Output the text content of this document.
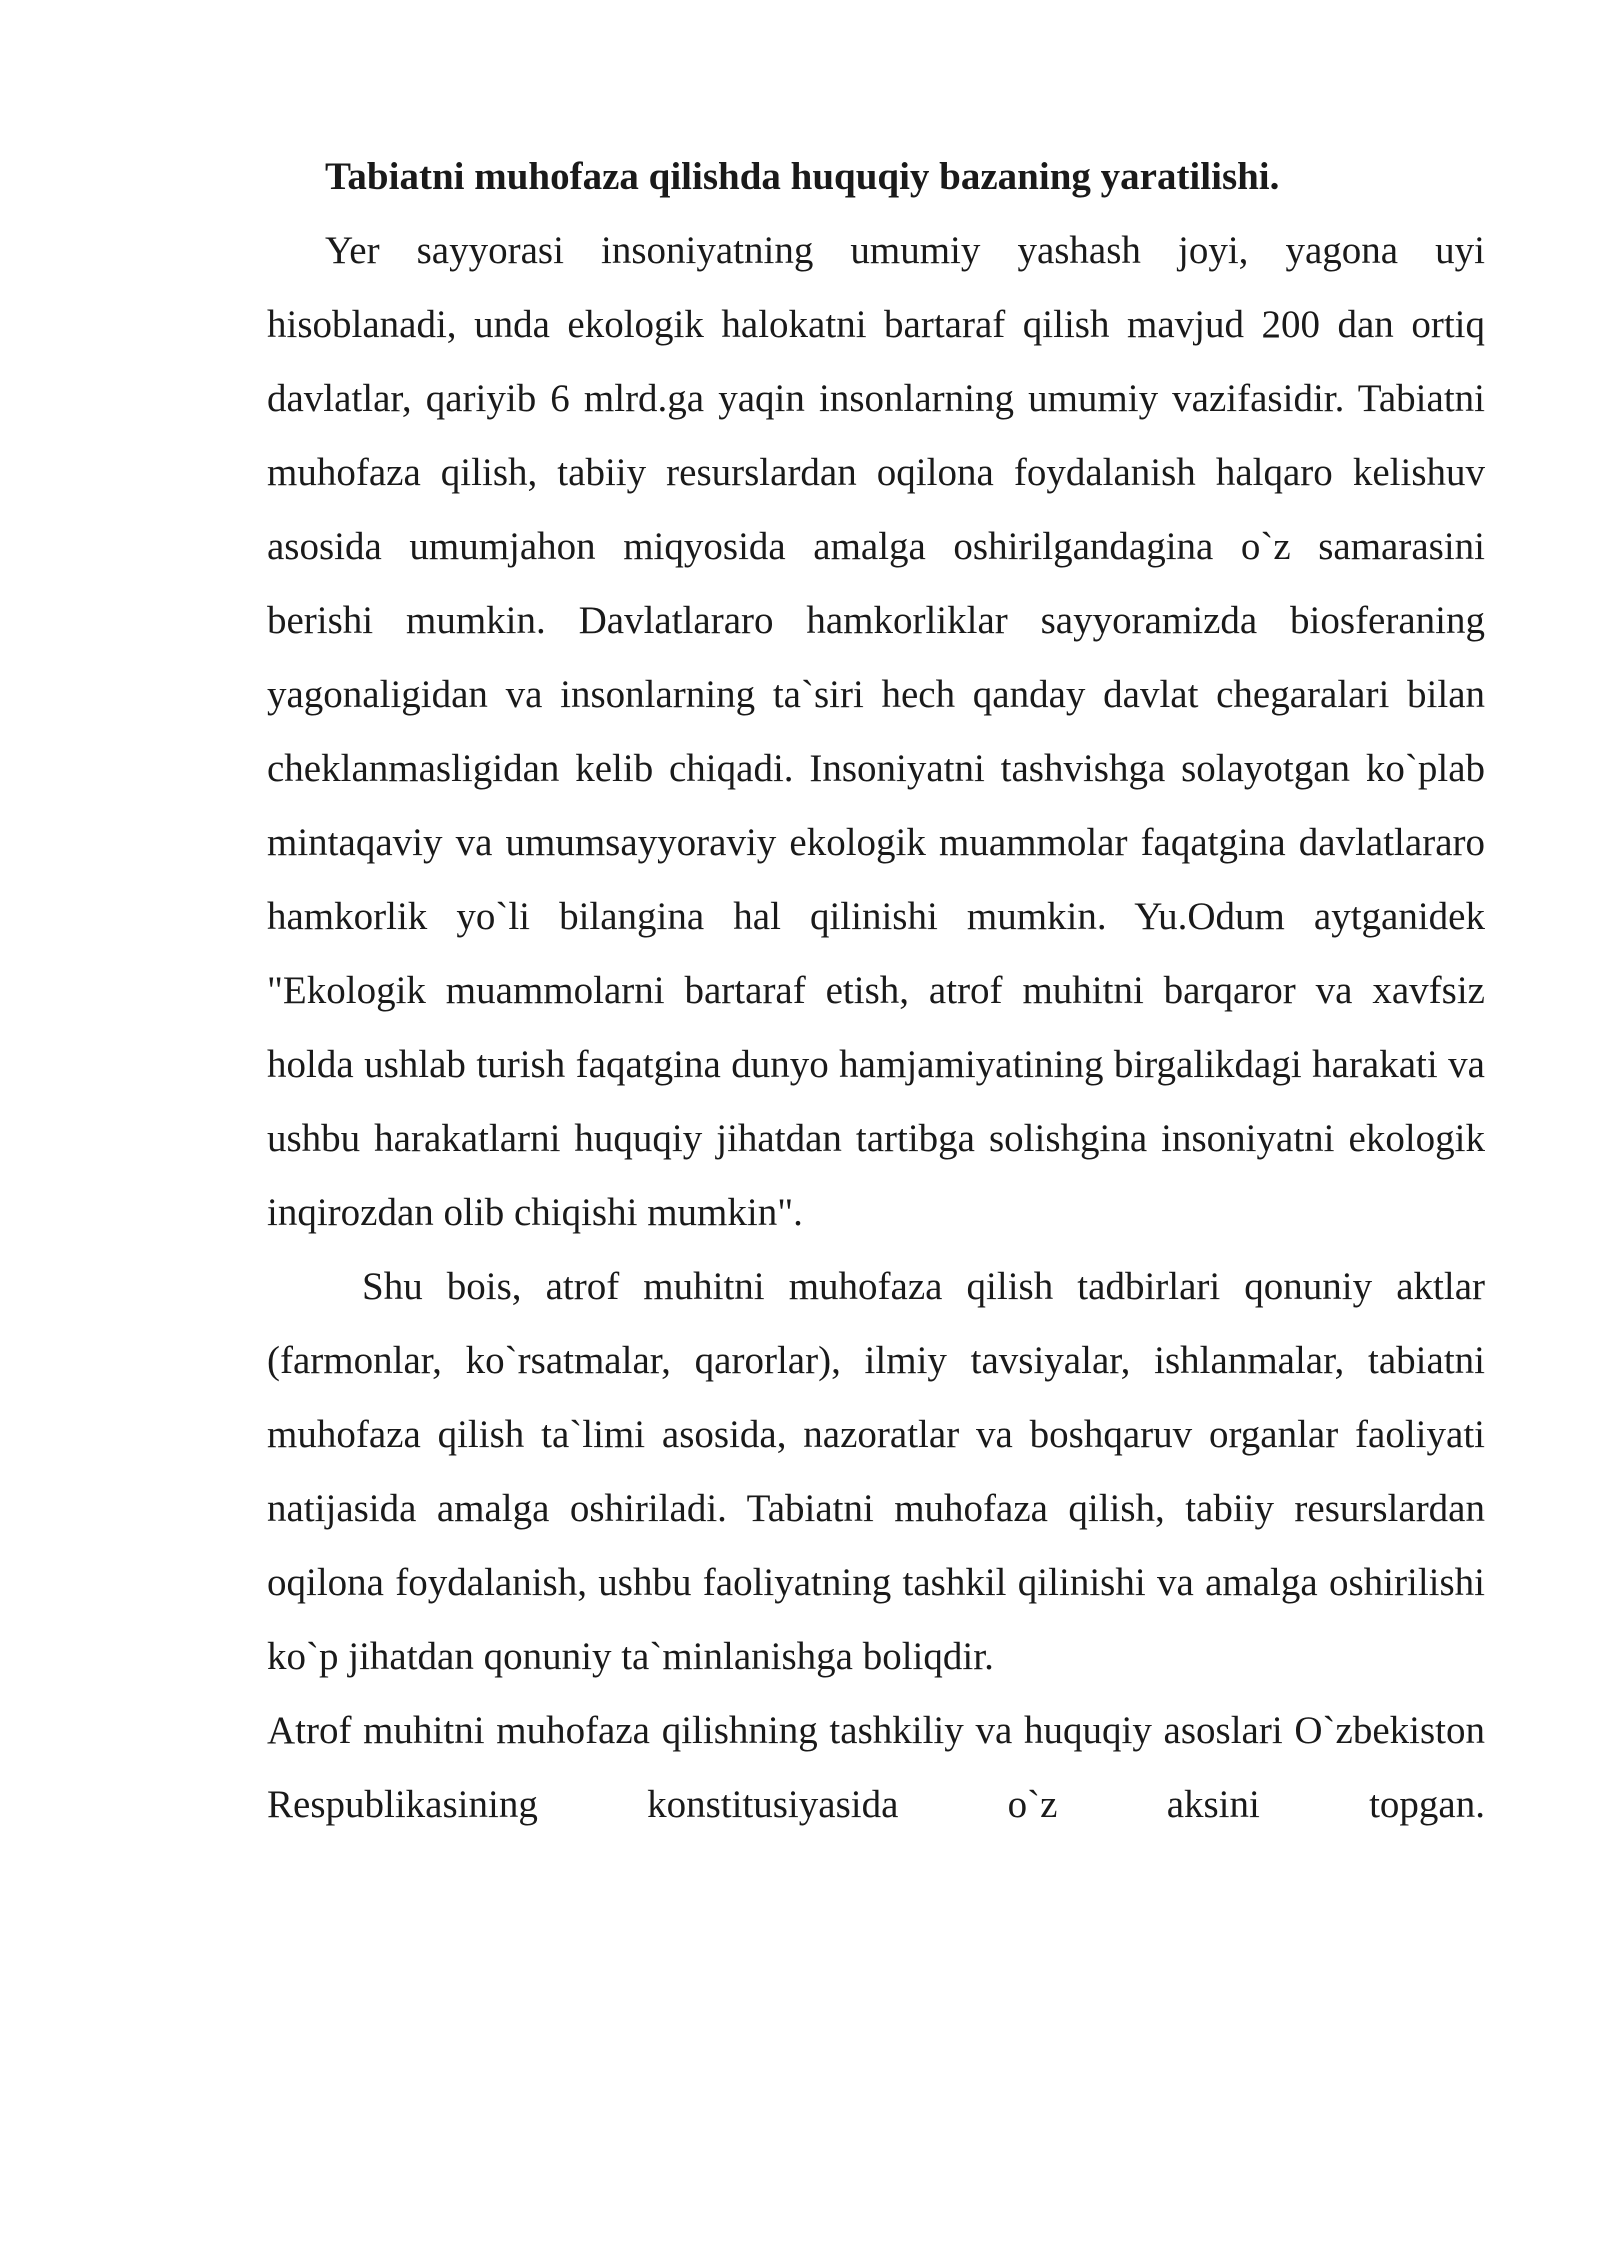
Tabiatni muhofaza qilishda huquqiy bazaning yaratilishi.

Yer sayyorasi insoniyatning umumiy yashash joyi, yagona uyi hisoblanadi, unda ekologik halokatni bartaraf qilish mavjud 200 dan ortiq davlatlar, qariyib 6 mlrd.ga yaqin insonlarning umumiy vazifasidir. Tabiatni muhofaza qilish, tabiiy resurslardan oqilona foydalanish halqaro kelishuv asosida umumjahon miqyosida amalga oshirilgandagina o`z samarasini berishi mumkin. Davlatlararo hamkorliklar sayyoramizda biosferaning yagonaligidan va insonlarning ta`siri hech qanday davlat chegaralari bilan cheklanmasligidan kelib chiqadi. Insoniyatni tashvishga solayotgan ko`plab mintaqaviy va umumsayyoraviy ekologik muammolar faqatgina davlatlararo hamkorlik yo`li bilangina hal qilinishi mumkin. Yu.Odum aytganidek "Ekologik muammolarni bartaraf etish, atrof muhitni barqaror va xavfsiz holda ushlab turish faqatgina dunyo hamjamiyatining birgalikdagi harakati va ushbu harakatlarni huquqiy jihatdan tartibga solishgina insoniyatni ekologik inqirozdan olib chiqishi mumkin".

Shu bois, atrof muhitni muhofaza qilish tadbirlari qonuniy aktlar (farmonlar, ko`rsatmalar, qarorlar), ilmiy tavsiyalar, ishlanmalar, tabiatni muhofaza qilish ta`limi asosida, nazoratlar va boshqaruv organlar faoliyati natijasida amalga oshiriladi. Tabiatni muhofaza qilish, tabiiy resurslardan oqilona foydalanish, ushbu faoliyatning tashkil qilinishi va amalga oshirilishi ko`p jihatdan qonuniy ta`minlanishga boliqdir.

Atrof muhitni muhofaza qilishning tashkiliy va huquqiy asoslari O`zbekiston Respublikasining konstitusiyasida o`z aksini topgan.
